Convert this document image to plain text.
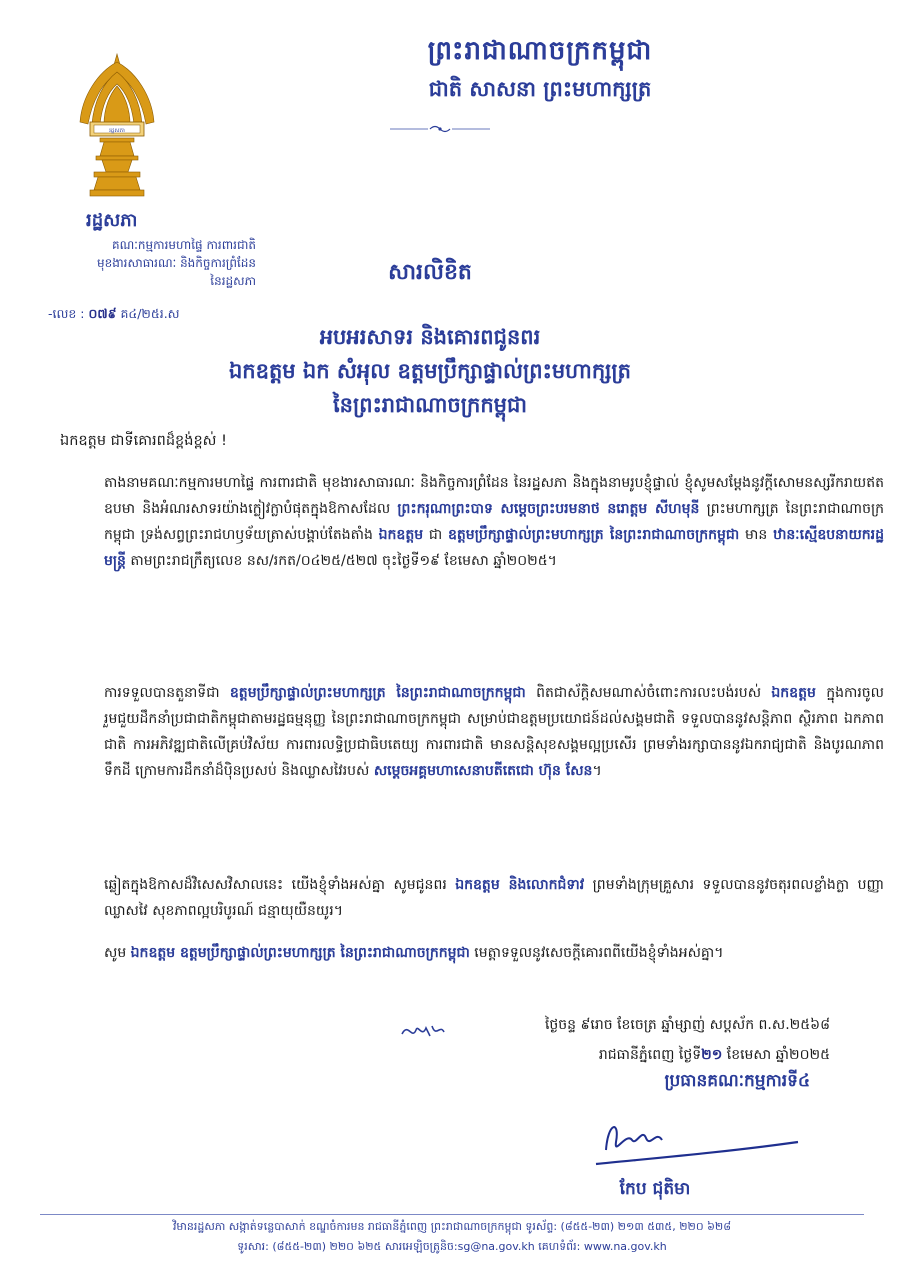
ព្រះរាជាណាចក្រកម្ពុជា
ជាតិ សាសនា ព្រះមហាក្សត្រ
រដ្ឋសភា
រដ្ឋសភា
គណៈកម្មការមហាផ្ទៃ ការពារជាតិ
មុខងារសាធារណៈ និងកិច្ចការព្រំដែន
នៃរដ្ឋសភា
-លេខ : ០៧៩ គ៤/២៥រ.ស
សារលិខិត
អបអរសាទរ និងគោរពជូនពរ
ឯកឧត្តម ឯក សំអុល ឧត្តមប្រឹក្សាផ្ទាល់ព្រះមហាក្សត្រ
នៃព្រះរាជាណាចក្រកម្ពុជា
ឯកឧត្តម ជាទីគោរពដ៏ខ្ពង់ខ្ពស់ !
តាងនាមគណៈកម្មការមហាផ្ទៃ ការពារជាតិ មុខងារសាធារណៈ និងកិច្ចការព្រំដែន នៃរដ្ឋសភា និងក្នុងនាមរូបខ្ញុំផ្ទាល់ ខ្ញុំសូមសម្តែងនូវក្តីសោមនស្សរីករាយឥតឧបមា និងអំណរសាទរយ៉ាងក្លៀវក្លាបំផុតក្នុងឱកាសដែល ព្រះករុណាព្រះបាទ សម្តេចព្រះបរមនាថ នរោត្តម សីហមុនី ព្រះមហាក្សត្រ នៃព្រះរាជាណាចក្រកម្ពុជា ទ្រង់សព្វព្រះរាជហឫទ័យត្រាស់បង្គាប់តែងតាំង ឯកឧត្តម ជា ឧត្តមប្រឹក្សាផ្ទាល់ព្រះមហាក្សត្រ នៃព្រះរាជាណាចក្រកម្ពុជា មាន ឋានៈស្មើឧបនាយករដ្ឋមន្ត្រី តាមព្រះរាជក្រឹត្យលេខ នស/រកត/០៤២៥/៥២៧ ចុះថ្ងៃទី១៩ ខែមេសា ឆ្នាំ២០២៥។
ការទទួលបានតួនាទីជា ឧត្តមប្រឹក្សាផ្ទាល់ព្រះមហាក្សត្រ នៃព្រះរាជាណាចក្រកម្ពុជា ពិតជាស័ក្តិសមណាស់ចំពោះការលះបង់របស់ ឯកឧត្តម ក្នុងការចូលរួមជួយដឹកនាំប្រជាជាតិកម្ពុជាតាមរដ្ឋធម្មនុញ្ញ នៃព្រះរាជាណាចក្រកម្ពុជា សម្រាប់ជាឧត្តមប្រយោជន៍ដល់សង្គមជាតិ ទទួលបាននូវសន្តិភាព ស្ថិរភាព ឯកភាពជាតិ ការអភិវឌ្ឍជាតិលើគ្រប់វិស័យ ការពារលទ្ធិប្រជាធិបតេយ្យ ការពារជាតិ មានសន្តិសុខសង្គមល្អប្រសើរ ព្រមទាំងរក្សាបាននូវឯករាជ្យជាតិ និងបូរណភាពទឹកដី ក្រោមការដឹកនាំដ៏ប៉ិនប្រសប់ និងឈ្លាសវៃរបស់ សម្តេចអគ្គមហាសេនាបតីតេជោ ហ៊ុន សែន។
ឆ្លៀតក្នុងឱកាសដ៏វិសេសវិសាលនេះ យើងខ្ញុំទាំងអស់គ្នា សូមជូនពរ ឯកឧត្តម និងលោកជំទាវ ព្រមទាំងក្រុមគ្រួសារ ទទួលបាននូវចតុរពលខ្លាំងក្លា បញ្ញាឈ្លាសវៃ សុខភាពល្អបរិបូរណ៍ ជន្មាយុយឺនយូរ។
សូម ឯកឧត្តម ឧត្តមប្រឹក្សាផ្ទាល់ព្រះមហាក្សត្រ នៃព្រះរាជាណាចក្រកម្ពុជា មេត្តាទទួលនូវសេចក្តីគោរពពីយើងខ្ញុំទាំងអស់គ្នា។
ថ្ងៃចន្ទ ៩រោច ខែចេត្រ ឆ្នាំម្សាញ់ សប្តស័ក ព.ស.២៥៦៨
រាជធានីភ្នំពេញ ថ្ងៃទី២១ ខែមេសា ឆ្នាំ២០២៥
ប្រធានគណៈកម្មការទី៤
កែប ជុតិមា
វិមានរដ្ឋសភា សង្កាត់ទន្លេបាសាក់ ខណ្ឌចំការមន រាជធានីភ្នំពេញ ព្រះរាជាណាចក្រកម្ពុជា ទូរស័ព្ទ: (៨៥៥-២៣) ២១៣ ៥៣៥, ២២០ ៦២៨
ទូរសារ: (៨៥៥-២៣) ២២០ ៦២៥ សារអេឡិចត្រូនិច:sg@na.gov.kh គេហទំព័រ: www.na.gov.kh
